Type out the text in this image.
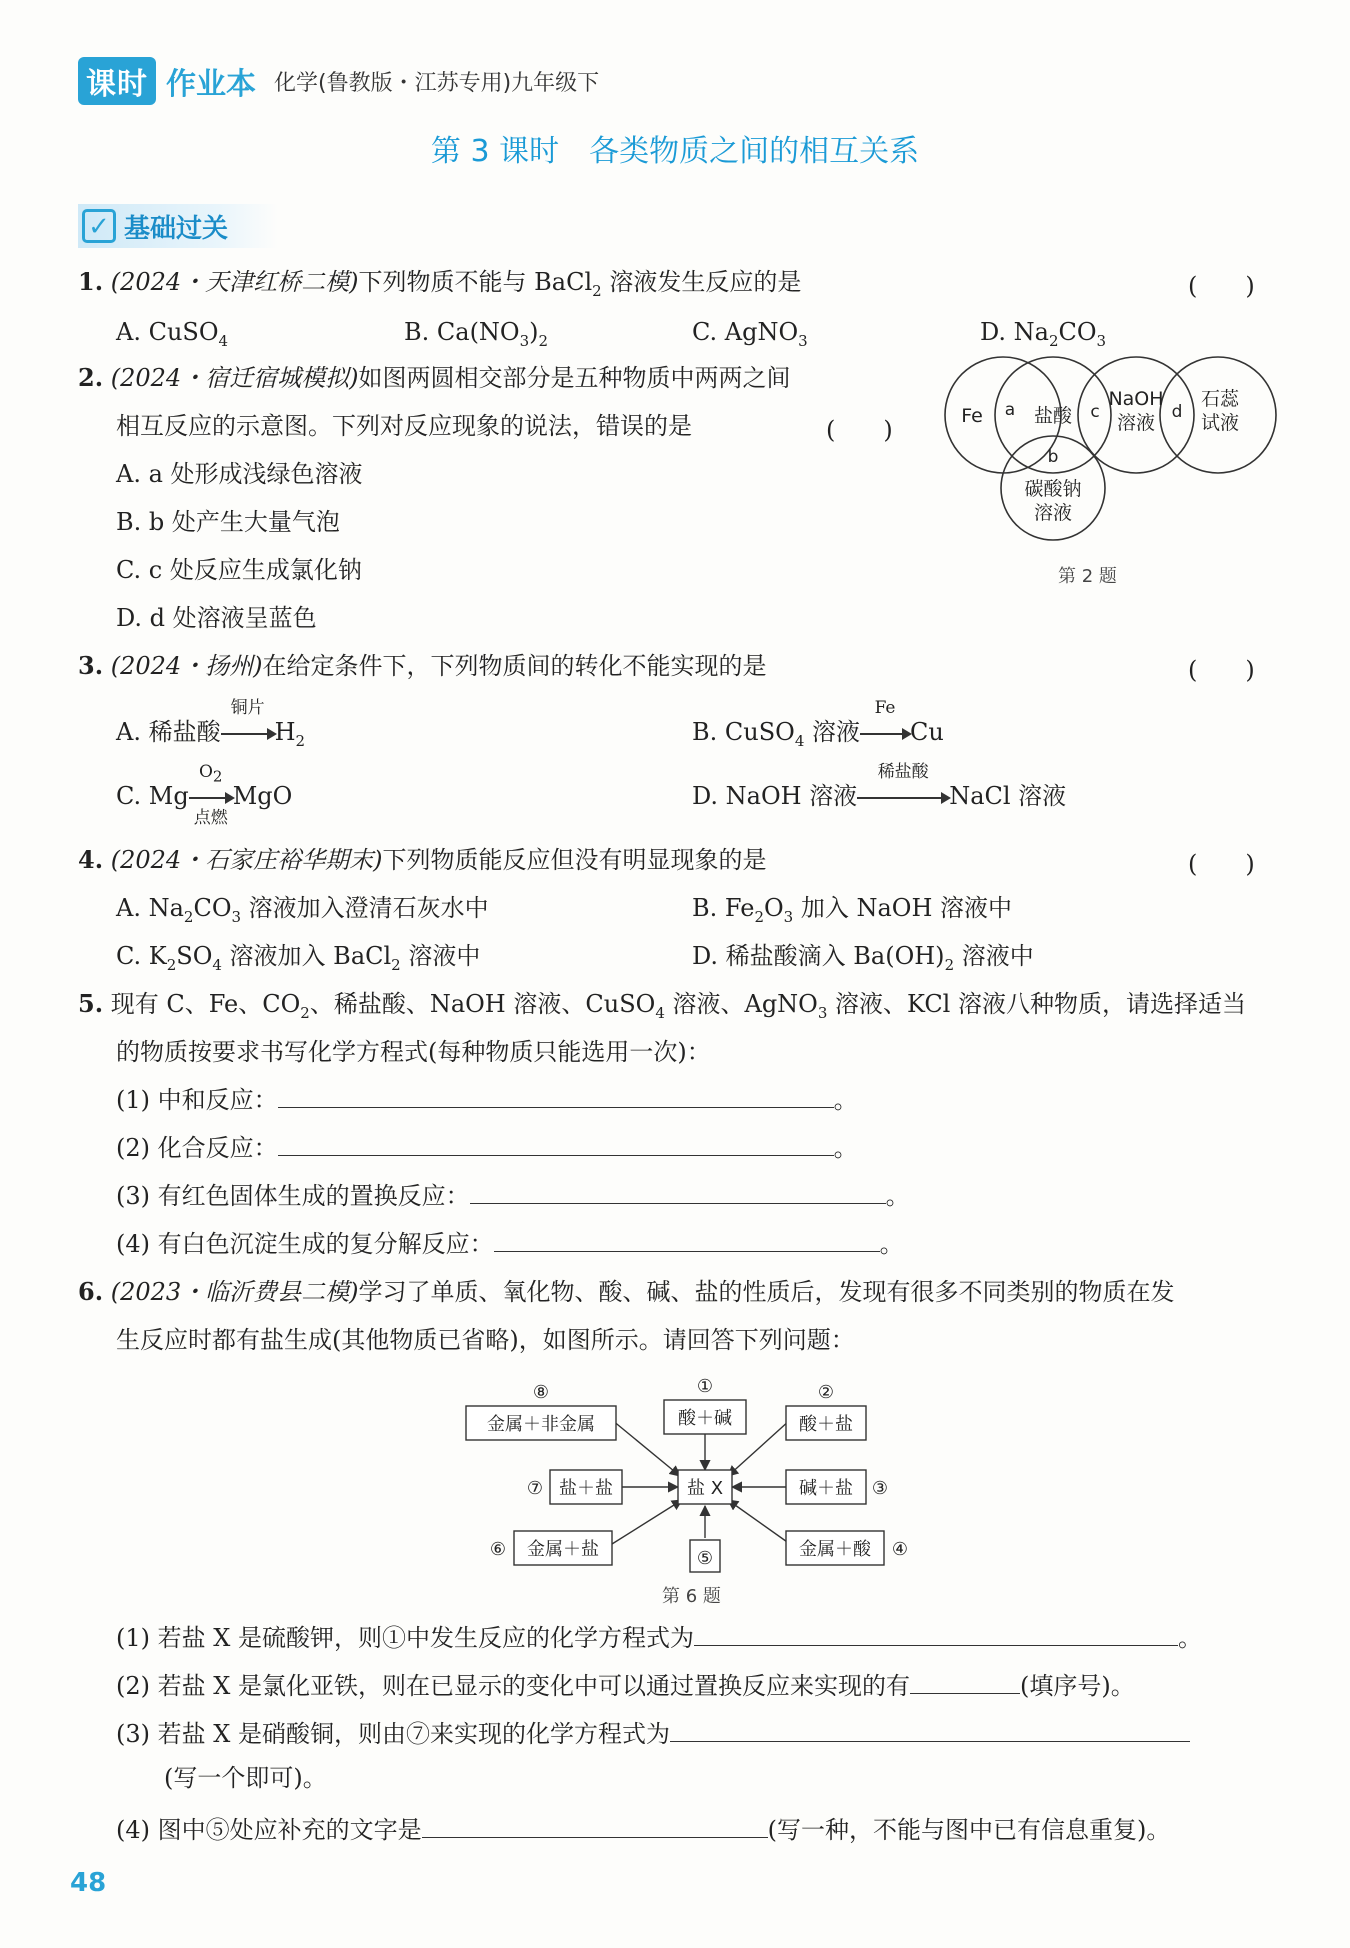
课时 作业本 化学(鲁教版・江苏专用)九年级下
第 3 课时　各类物质之间的相互关系
✓ 基础过关
1. (2024・天津红桥二模)下列物质不能与 BaCl$_2$ 溶液发生反应的是	(　　)
A. CuSO$_4$	B. $Ca(NO_3)_2$	C. AgNO$_3$	D. $Na_2CO_3$
2. (2024・宿迁宿城模拟)如图两圆相交部分是五种物质中两两之间
相互反应的示意图。下列对反应现象的说法，错误的是	(　　)
A. a 处形成浅绿色溶液
B. b 处产生大量气泡
C. c 处反应生成氯化钠
D. d 处溶液呈蓝色
Fe	盐酸
NaOH
溶液
石蕊
试液
碳酸钠
溶液
a
b
c	d
第 2 题
3. (2024・扬州)在给定条件下，下列物质间的转化不能实现的是	(　　)
A. 稀盐酸
铜片
$H_2$	B. CuSO$_4$ 溶液
Fe
Cu
C. Mg
$O_2$
点燃
MgO	D. NaOH 溶液
稀盐酸
NaCl 溶液
4. (2024・石家庄裕华期末)下列物质能反应但没有明显现象的是	(　　)
A. $Na_2CO_3$ 溶液加入澄清石灰水中	B. $Fe_2O_3$ 加入 NaOH 溶液中
C. $K_2SO_4$ 溶液加入 BaCl$_2$ 溶液中	D. 稀盐酸滴入 $Ba(OH)_2$ 溶液中
5. 现有 C、Fe、$CO_2$、稀盐酸、NaOH 溶液、CuSO$_4$ 溶液、AgNO$_3$ 溶液、KCl 溶液八种物质，请选择适当
的物质按要求书写化学方程式(每种物质只能选用一次)：
(1) 中和反应：	。
(2) 化合反应：	。
(3) 有红色固体生成的置换反应：	。
(4) 有白色沉淀生成的复分解反应：	。
6. (2023・临沂费县二模)学习了单质、氧化物、酸、碱、盐的性质后，发现有很多不同类别的物质在发
生反应时都有盐生成(其他物质已省略)，如图所示。请回答下列问题：
盐 X
酸＋碱	酸＋盐
碱＋盐
金属＋酸
金属＋盐
盐＋盐
金属＋非金属
①	②
③
④
⑤
⑥
⑦
⑧
第 6 题
(1) 若盐 X 是硫酸钾，则①中发生反应的化学方程式为	。
(2) 若盐 X 是氯化亚铁，则在已显示的变化中可以通过置换反应来实现的有	(填序号)。
(3) 若盐 X 是硝酸铜，则由⑦来实现的化学方程式为
(写一个即可)。
(4) 图中⑤处应补充的文字是	(写一种，不能与图中已有信息重复)。
48
